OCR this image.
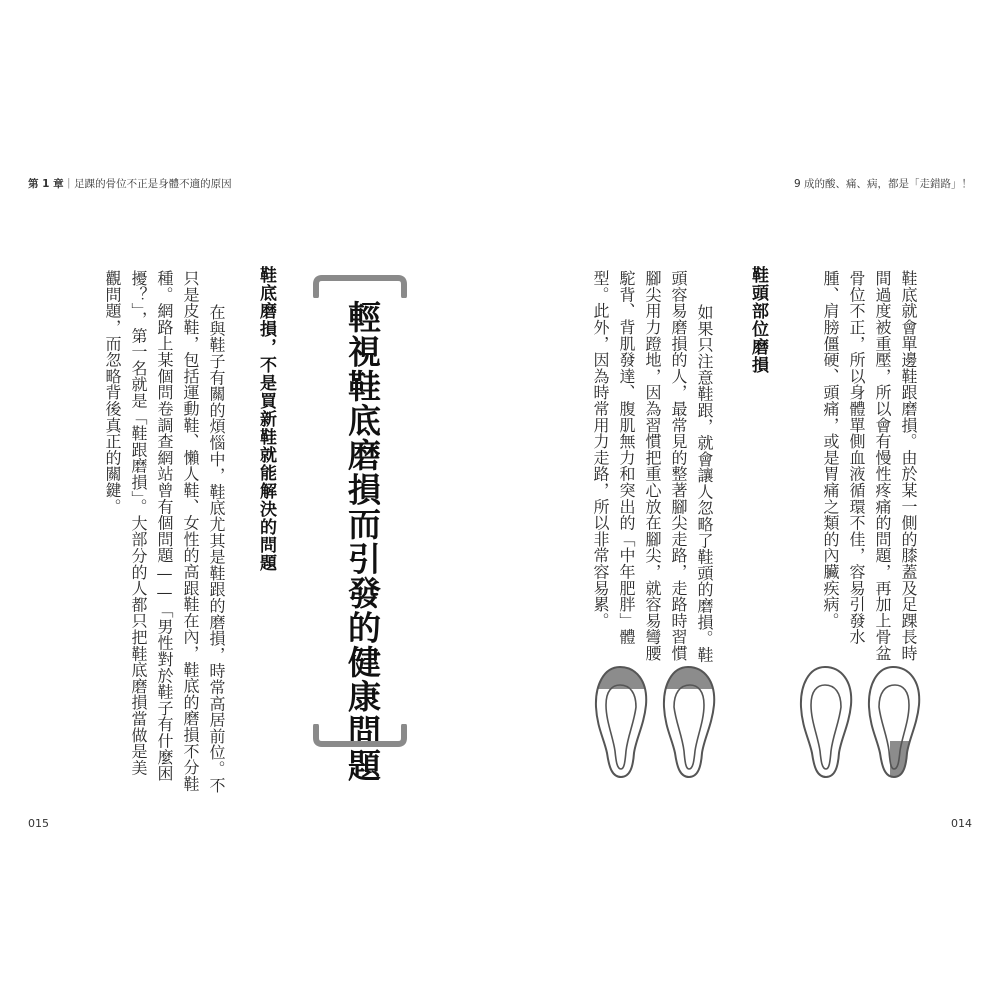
第 1 章｜足踝的骨位不正是身體不適的原因	9 成的酸、痛、病，都是「走錯路」！
鞋底就會單邊鞋跟磨損。由於某一側的膝蓋及足踝長時
間過度被重壓，所以會有慢性疼痛的問題，再加上骨盆
骨位不正，所以身體單側血液循環不佳，容易引發水
腫、肩膀僵硬、頭痛，或是胃痛之類的內臟疾病。
鞋頭部位磨損
如果只注意鞋跟，就會讓人忽略了鞋頭的磨損。鞋
頭容易磨損的人，最常見的整著腳尖走路，走路時習慣
腳尖用力蹬地，因為習慣把重心放在腳尖，就容易彎腰
駝背、背肌發達、腹肌無力和突出的「中年肥胖」體
型。此外，因為時常用力走路，所以非常容易累。
輕視鞋底磨損而引發的健康問題
鞋底磨損，不是買新鞋就能解決的問題
在與鞋子有關的煩惱中，鞋底尤其是鞋跟的磨損，時常高居前位。不
只是皮鞋，包括運動鞋、懶人鞋、女性的高跟鞋在內，鞋底的磨損不分鞋
種。網路上某個問卷調查網站曾有個問題——「男性對於鞋子有什麼困
擾？」，第一名就是「鞋跟磨損」。大部分的人都只把鞋底磨損當做是美
觀問題，而忽略背後真正的關鍵。
015	014
